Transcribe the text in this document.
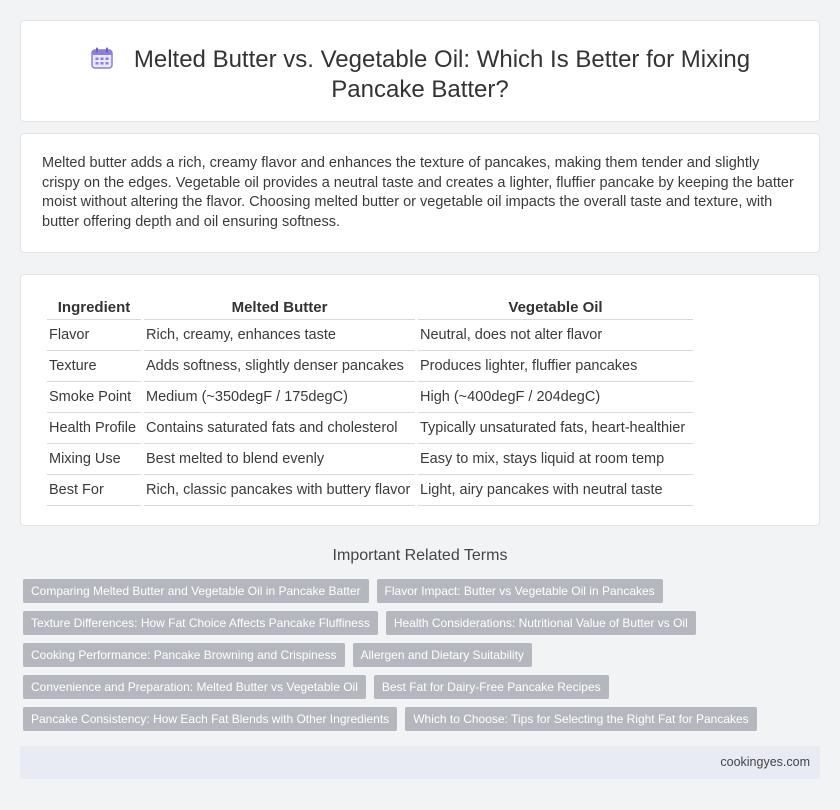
Melted Butter vs. Vegetable Oil: Which Is Better for Mixing
Pancake Batter?

Melted butter adds a rich, creamy flavor and enhances the texture of pancakes, making them tender and slightly crispy on the edges. Vegetable oil provides a neutral taste and creates a lighter, fluffier pancake by keeping the batter moist without altering the flavor. Choosing melted butter or vegetable oil impacts the overall taste and texture, with butter offering depth and oil ensuring softness.

Ingredient	Melted Butter	Vegetable Oil
Flavor	Rich, creamy, enhances taste	Neutral, does not alter flavor
Texture	Adds softness, slightly denser pancakes	Produces lighter, fluffier pancakes
Smoke Point	Medium (~350degF / 175degC)	High (~400degF / 204degC)
Health Profile	Contains saturated fats and cholesterol	Typically unsaturated fats, heart-healthier
Mixing Use	Best melted to blend evenly	Easy to mix, stays liquid at room temp
Best For	Rich, classic pancakes with buttery flavor	Light, airy pancakes with neutral taste
Important Related Terms
Comparing Melted Butter and Vegetable Oil in Pancake Batter	Flavor Impact: Butter vs Vegetable Oil in Pancakes
Texture Differences: How Fat Choice Affects Pancake Fluffiness	Health Considerations: Nutritional Value of Butter vs Oil
Cooking Performance: Pancake Browning and Crispiness	Allergen and Dietary Suitability
Convenience and Preparation: Melted Butter vs Vegetable Oil	Best Fat for Dairy-Free Pancake Recipes
Pancake Consistency: How Each Fat Blends with Other Ingredients	Which to Choose: Tips for Selecting the Right Fat for Pancakes
cookingyes.com
